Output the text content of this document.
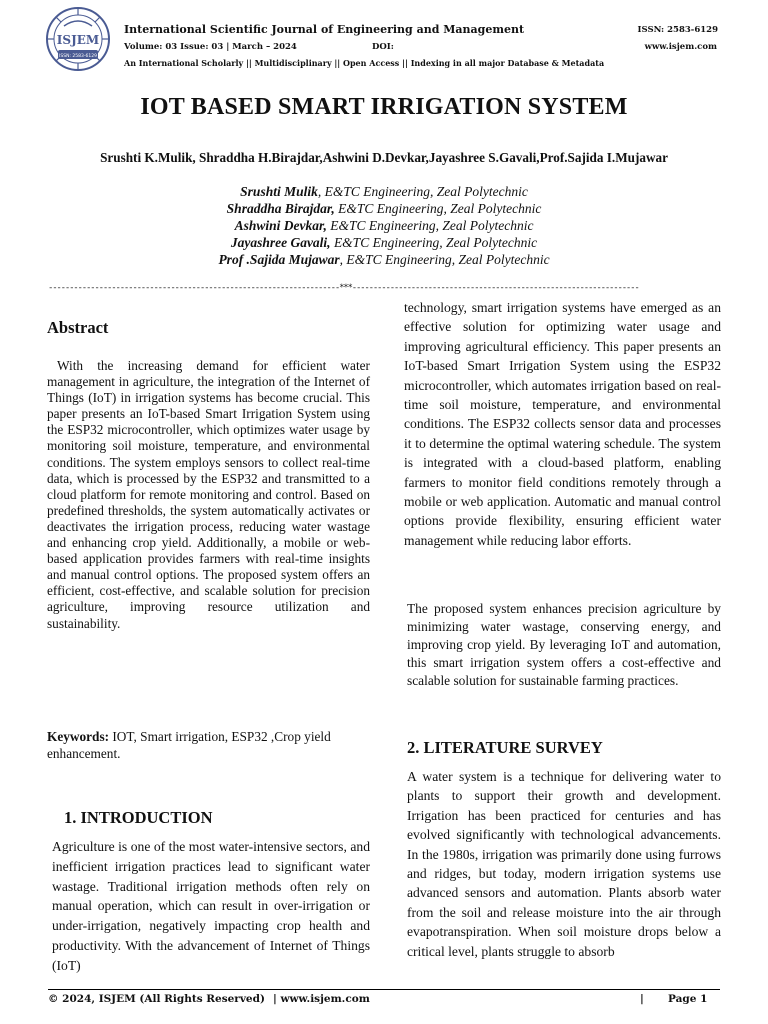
ISJEM
ISSN: 2583-6129
International Scientific Journal of Engineering and Management
Volume: 03 Issue: 03 | March – 2024	DOI:
An International Scholarly || Multidisciplinary || Open Access || Indexing in all major Database & Metadata
ISSN: 2583-6129
www.isjem.com
IOT BASED SMART IRRIGATION SYSTEM
Srushti K.Mulik, Shraddha H.Birajdar,Ashwini D.Devkar,Jayashree S.Gavali,Prof.Sajida I.Mujawar
Srushti Mulik, E&TC Engineering, Zeal Polytechnic
Shraddha Birajdar, E&TC Engineering, Zeal Polytechnic
Ashwini Devkar, E&TC Engineering, Zeal Polytechnic
Jayashree Gavali, E&TC Engineering, Zeal Polytechnic
Prof .Sajida Mujawar, E&TC Engineering, Zeal Polytechnic
---------------------------------------------------------------------***--------------------------------------------------------------------
Abstract
With the increasing demand for efficient water management in agriculture, the integration of the Internet of Things (IoT) in irrigation systems has become crucial. This paper presents an IoT-based Smart Irrigation System using the ESP32 microcontroller, which optimizes water usage by monitoring soil moisture, temperature, and environmental conditions. The system employs sensors to collect real-time data, which is processed by the ESP32 and transmitted to a cloud platform for remote monitoring and control. Based on predefined thresholds, the system automatically activates or deactivates the irrigation process, reducing water wastage and enhancing crop yield. Additionally, a mobile or web-based application provides farmers with real-time insights and manual control options. The proposed system offers an efficient, cost-effective, and scalable solution for precision agriculture, improving resource utilization and sustainability.
Keywords: IOT, Smart irrigation, ESP32 ,Crop yield enhancement.
1. INTRODUCTION
Agriculture is one of the most water-intensive sectors, and inefficient irrigation practices lead to significant water wastage. Traditional irrigation methods often rely on manual operation, which can result in over-irrigation or under-irrigation, negatively impacting crop health and productivity. With the advancement of Internet of Things (IoT)
technology, smart irrigation systems have emerged as an effective solution for optimizing water usage and improving agricultural efficiency. This paper presents an IoT-based Smart Irrigation System using the ESP32 microcontroller, which automates irrigation based on real-time soil moisture, temperature, and environmental conditions. The ESP32 collects sensor data and processes it to determine the optimal watering schedule. The system is integrated with a cloud-based platform, enabling farmers to monitor field conditions remotely through a mobile or web application. Automatic and manual control options provide flexibility, ensuring efficient water management while reducing labor efforts.
The proposed system enhances precision agriculture by minimizing water wastage, conserving energy, and improving crop yield. By leveraging IoT and automation, this smart irrigation system offers a cost-effective and scalable solution for sustainable farming practices.
2. LITERATURE SURVEY
A water system is a technique for delivering water to plants to support their growth and development. Irrigation has been practiced for centuries and has evolved significantly with technological advancements. In the 1980s, irrigation was primarily done using furrows and ridges, but today, modern irrigation systems use advanced sensors and automation. Plants absorb water from the soil and release moisture into the air through evapotranspiration. When soil moisture drops below a critical level, plants struggle to absorb
© 2024, ISJEM (All Rights Reserved) | www.isjem.com	| Page 1
